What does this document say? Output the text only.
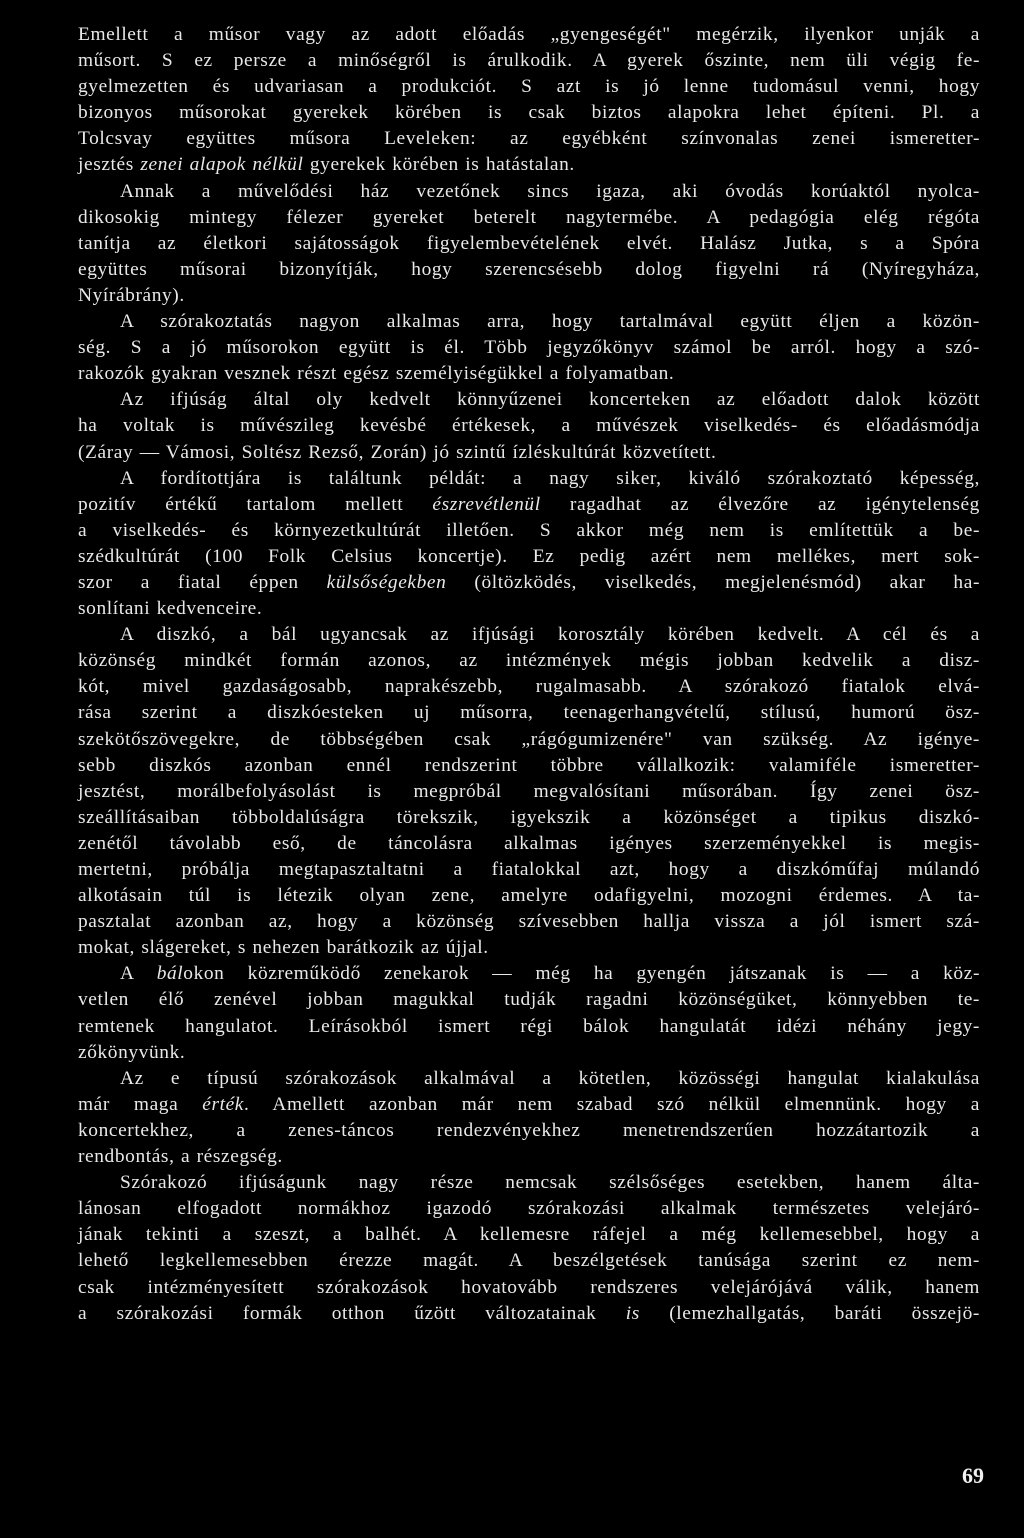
Emellett a műsor vagy az adott előadás „gyengeségét" megérzik, ilyenkor unják a
műsort. S ez persze a minőségről is árulkodik. A gyerek őszinte, nem üli végig fe-
gyelmezetten és udvariasan a produkciót. S azt is jó lenne tudomásul venni, hogy
bizonyos műsorokat gyerekek körében is csak biztos alapokra lehet építeni. Pl. a
Tolcsvay együttes műsora Leveleken: az egyébként színvonalas zenei ismeretter-
jesztés zenei alapok nélkül gyerekek körében is hatástalan.
Annak a művelődési ház vezetőnek sincs igaza, aki óvodás korúaktól nyolca-
dikosokig mintegy félezer gyereket beterelt nagytermébe. A pedagógia elég régóta
tanítja az életkori sajátosságok figyelembevételének elvét. Halász Jutka, s a Spóra
együttes műsorai bizonyítják, hogy szerencsésebb dolog figyelni rá (Nyíregyháza,
Nyírábrány).
A szórakoztatás nagyon alkalmas arra, hogy tartalmával együtt éljen a közön-
ség. S a jó műsorokon együtt is él. Több jegyzőkönyv számol be arról. hogy a szó-
rakozók gyakran vesznek részt egész személyiségükkel a folyamatban.
Az ifjúság által oly kedvelt könnyűzenei koncerteken az előadott dalok között
ha voltak is művészileg kevésbé értékesek, a művészek viselkedés- és előadásmódja
(Záray — Vámosi, Soltész Rezső, Zorán) jó szintű ízléskultúrát közvetített.
A fordítottjára is találtunk példát: a nagy siker, kiváló szórakoztató képesség,
pozitív értékű tartalom mellett észrevétlenül ragadhat az élvezőre az igénytelenség
a viselkedés- és környezetkultúrát illetően. S akkor még nem is említettük a be-
szédkultúrát (100 Folk Celsius koncertje). Ez pedig azért nem mellékes, mert sok-
szor a fiatal éppen külsőségekben (öltözködés, viselkedés, megjelenésmód) akar ha-
sonlítani kedvenceire.
A diszkó, a bál ugyancsak az ifjúsági korosztály körében kedvelt. A cél és a
közönség mindkét formán azonos, az intézmények mégis jobban kedvelik a disz-
kót, mivel gazdaságosabb, naprakészebb, rugalmasabb. A szórakozó fiatalok elvá-
rása szerint a diszkóesteken uj műsorra, teenagerhangvételű, stílusú, humorú ösz-
szekötőszövegekre, de többségében csak „rágógumizenére" van szükség. Az igénye-
sebb diszkós azonban ennél rendszerint többre vállalkozik: valamiféle ismeretter-
jesztést, morálbefolyásolást is megpróbál megvalósítani műsorában. Így zenei ösz-
szeállításaiban többoldalúságra törekszik, igyekszik a közönséget a tipikus diszkó-
zenétől távolabb eső, de táncolásra alkalmas igényes szerzeményekkel is megis-
mertetni, próbálja megtapasztaltatni a fiatalokkal azt, hogy a diszkóműfaj múlandó
alkotásain túl is létezik olyan zene, amelyre odafigyelni, mozogni érdemes. A ta-
pasztalat azonban az, hogy a közönség szívesebben hallja vissza a jól ismert szá-
mokat, slágereket, s nehezen barátkozik az újjal.
A bálokon közreműködő zenekarok — még ha gyengén játszanak is — a köz-
vetlen élő zenével jobban magukkal tudják ragadni közönségüket, könnyebben te-
remtenek hangulatot. Leírásokból ismert régi bálok hangulatát idézi néhány jegy-
zőkönyvünk.
Az e típusú szórakozások alkalmával a kötetlen, közösségi hangulat kialakulása
már maga érték. Amellett azonban már nem szabad szó nélkül elmennünk. hogy a
koncertekhez, a zenes-táncos rendezvényekhez menetrendszerűen hozzátartozik a
rendbontás, a részegség.
Szórakozó ifjúságunk nagy része nemcsak szélsőséges esetekben, hanem álta-
lánosan elfogadott normákhoz igazodó szórakozási alkalmak természetes velejáró-
jának tekinti a szeszt, a balhét. A kellemesre ráfejel a még kellemesebbel, hogy a
lehető legkellemesebben érezze magát. A beszélgetések tanúsága szerint ez nem-
csak intézményesített szórakozások hovatovább rendszeres velejárójává válik, hanem
a szórakozási formák otthon űzött változatainak is (lemezhallgatás, baráti összejö-
69
